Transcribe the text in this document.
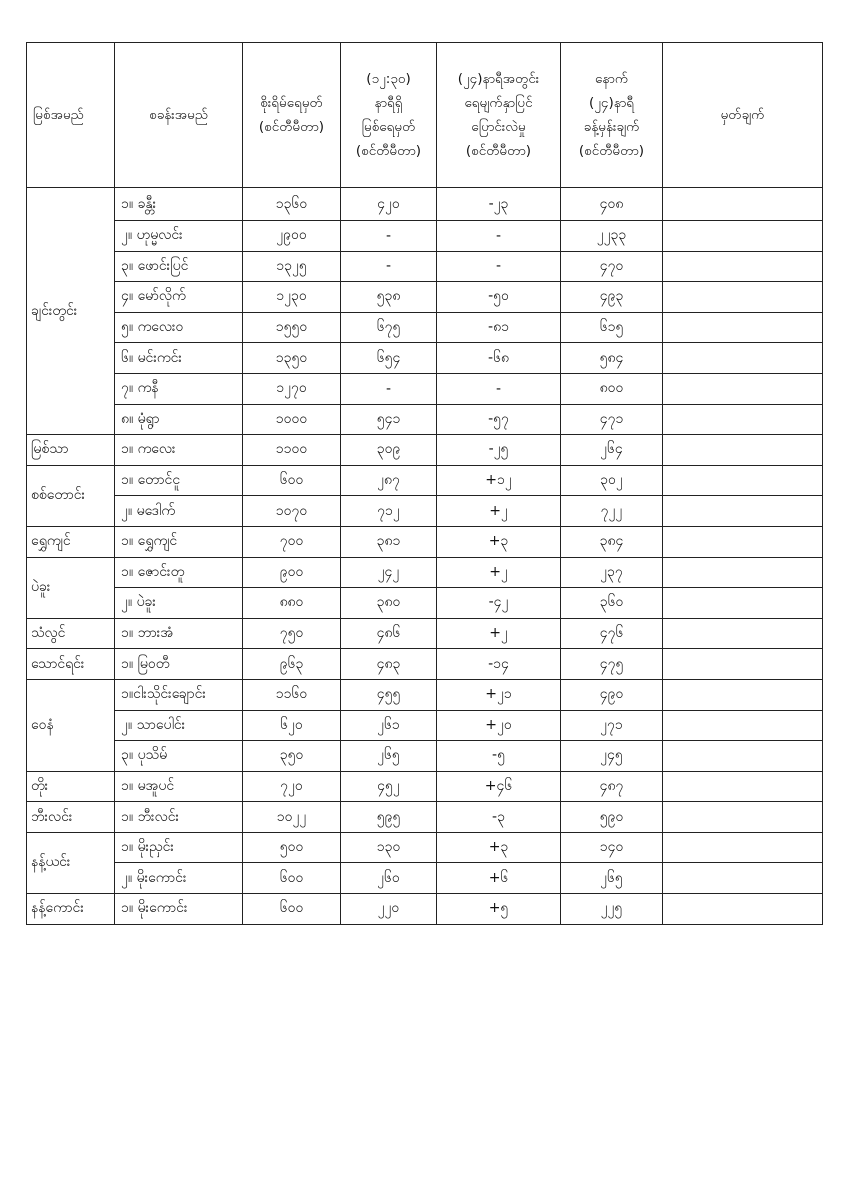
မြစ်အမည်	စခန်းအမည်	စိုးရိမ်ရေမှတ်
(စင်တီမီတာ)	(၁၂:၃၀)
နာရီရှိ
မြစ်ရေမှတ်
(စင်တီမီတာ)	(၂၄)နာရီအတွင်း
ရေမျက်နှာပြင်
ပြောင်းလဲမှု
(စင်တီမီတာ)	နောက်
(၂၄)နာရီ
ခန့်မှန်းချက်
(စင်တီမီတာ)	မှတ်ချက်
ချင်းတွင်း	၁။ ခန္တီး	၁၃၆၀	၄၂၀	-၂၃	၄၀၈	
	၂။ ဟုမ္မလင်း	၂၉၀၀	-	-	၂၂၃၃	
	၃။ ဖောင်းပြင်	၁၃၂၅	-	-	၄၇၀	
	၄။ မော်လိုက်	၁၂၃၀	၅၃၈	-၅၀	၄၉၃	
	၅။ ကလေးဝ	၁၅၅၀	၆၇၅	-၈၁	၆၁၅	
	၆။ မင်းကင်း	၁၃၅၀	၆၅၄	-၆၈	၅၈၄	
	၇။ ကနီ	၁၂၇၀	-	-	၈၀၀	
	၈။ မုံရွာ	၁၀၀၀	၅၄၁	-၅၇	၄၇၁	
မြစ်သာ	၁။ ကလေး	၁၁၀၀	၃၀၉	-၂၅	၂၆၄	
စစ်တောင်း	၁။ တောင်ငူ	၆၀၀	၂၈၇	+၁၂	၃၀၂	
	၂။ မဒေါက်	၁၀၇၀	၇၁၂	+၂	၇၂၂	
ရွှေကျင်	၁။ ရွှေကျင်	၇၀၀	၃၈၁	+၃	၃၈၄	
ပဲခူး	၁။ ဇောင်းတူ	၉၀၀	၂၄၂	+၂	၂၃၇	
	၂။ ပဲခူး	၈၈၀	၃၈၀	-၄၂	၃၆၀	
သံလွင်	၁။ ဘားအံ	၇၅၀	၄၈၆	+၂	၄၇၆	
သောင်ရင်း	၁။ မြဝတီ	၉၆၃	၄၈၃	-၁၄	၄၇၅	
ဝေနံ	၁။ငါးသိုင်းချောင်း	၁၁၆၀	၄၅၅	+၂၁	၄၉၀	
	၂။ သာပေါင်း	၆၂၀	၂၆၁	+၂၀	၂၇၁	
	၃။ ပုသိမ်	၃၅၀	၂၆၅	-၅	၂၄၅	
တိုး	၁။ မအူပင်	၇၂၀	၄၅၂	+၄၆	၄၈၇	
ဘီးလင်း	၁။ ဘီးလင်း	၁၀၂၂	၅၉၅	-၃	၅၉၀	
နန့်ယင်း	၁။ မိုးညှင်း	၅၀၀	၁၃၀	+၃	၁၄၀	
	၂။ မိုးကောင်း	၆၀၀	၂၆၀	+၆	၂၆၅	
နန့်ကောင်း	၁။ မိုးကောင်း	၆၀၀	၂၂၀	+၅	၂၂၅	
